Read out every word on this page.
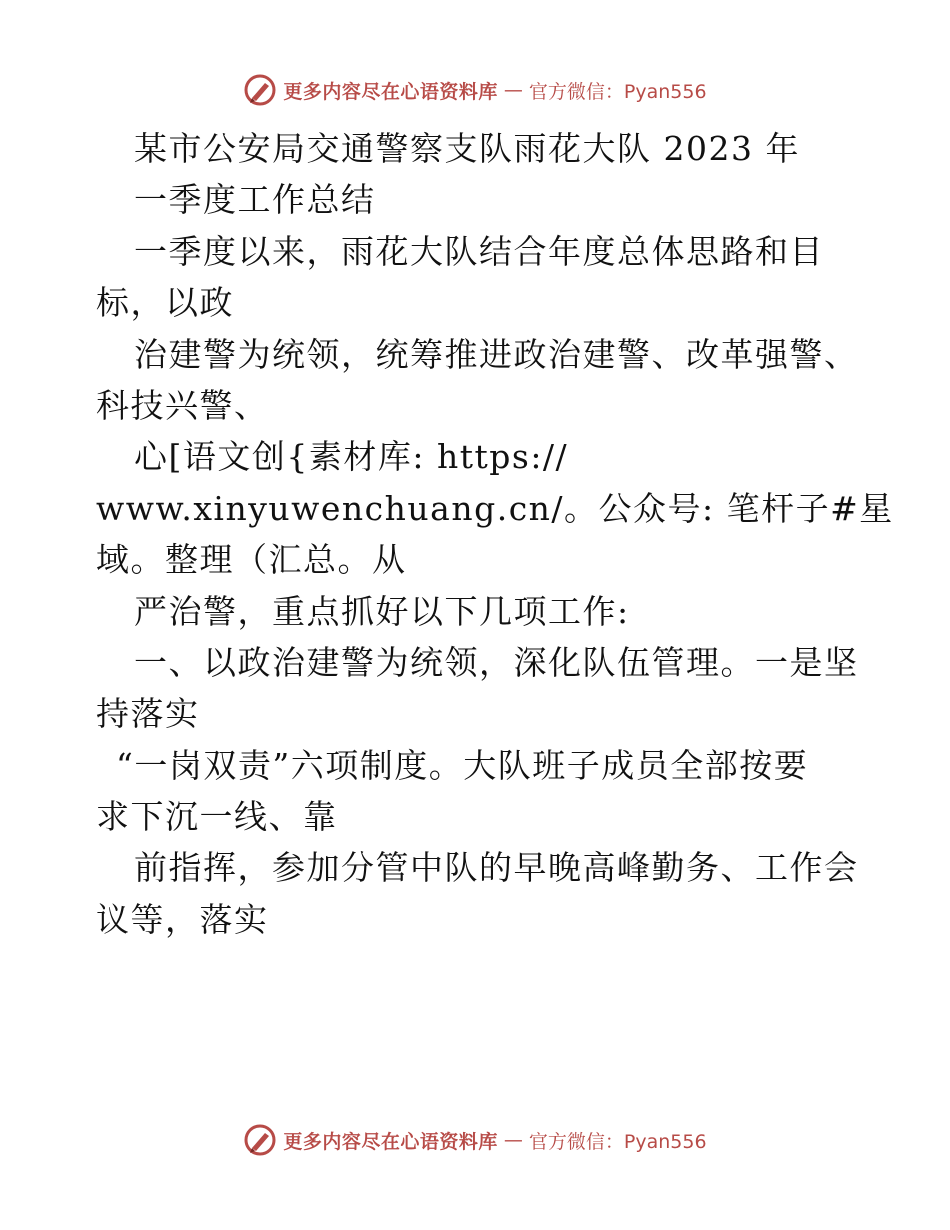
更多内容尽在心语资料库 — 官方微信：Pyan556
某市公安局交通警察支队雨花大队 2023 年
一季度工作总结
一季度以来，雨花大队结合年度总体思路和目
标，以政
治建警为统领，统筹推进政治建警、改革强警、
科技兴警、
心[语文创{素材库: https://
www.xinyuwenchuang.cn/。公众号: 笔杆子#星
域。整理（汇总。从
严治警，重点抓好以下几项工作:
一、以政治建警为统领，深化队伍管理。一是坚
持落实
“一岗双责”六项制度。大队班子成员全部按要
求下沉一线、靠
前指挥，参加分管中队的早晚高峰勤务、工作会
议等，落实
更多内容尽在心语资料库 — 官方微信：Pyan556
